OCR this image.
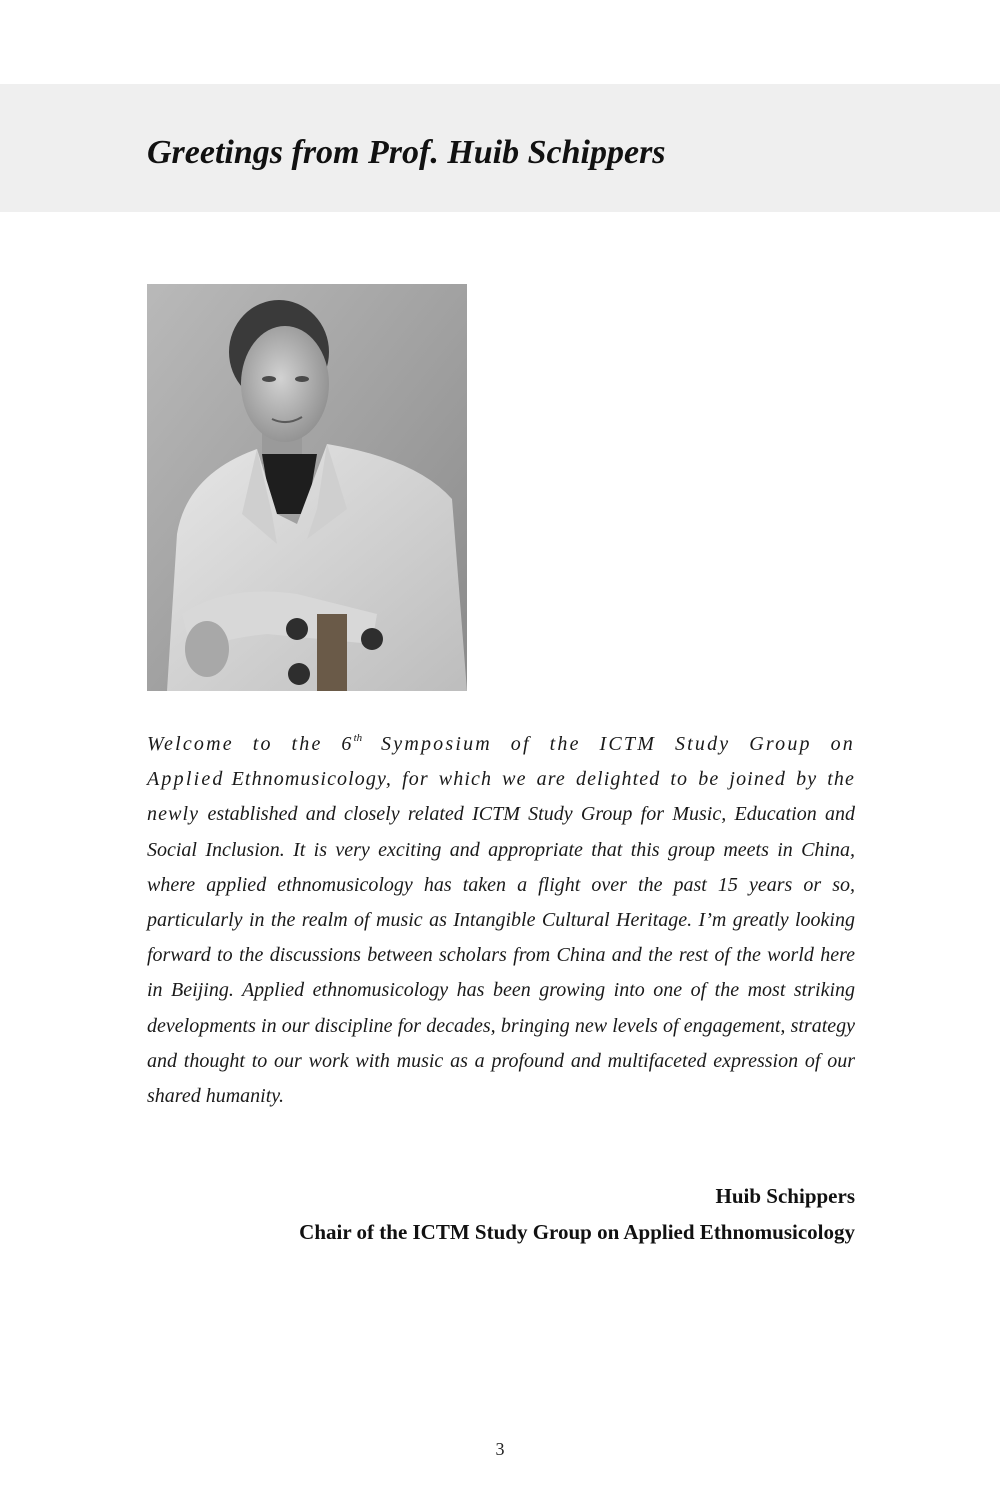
Greetings from Prof. Huib Schippers

Welcome to the 6th Symposium of the ICTM Study Group on Applied Ethnomusicology, for which we are delighted to be joined by the newly established and closely related ICTM Study Group for Music, Education and Social Inclusion. It is very exciting and appropriate that this group meets in China, where applied ethnomusicology has taken a flight over the past 15 years or so, particularly in the realm of music as Intangible Cultural Heritage. I’m greatly looking forward to the discussions between scholars from China and the rest of the world here in Beijing. Applied ethnomusicology has been growing into one of the most striking developments in our discipline for decades, bringing new levels of engagement, strategy and thought to our work with music as a profound and multifaceted expression of our shared humanity.

Huib Schippers
Chair of the ICTM Study Group on Applied Ethnomusicology
3
